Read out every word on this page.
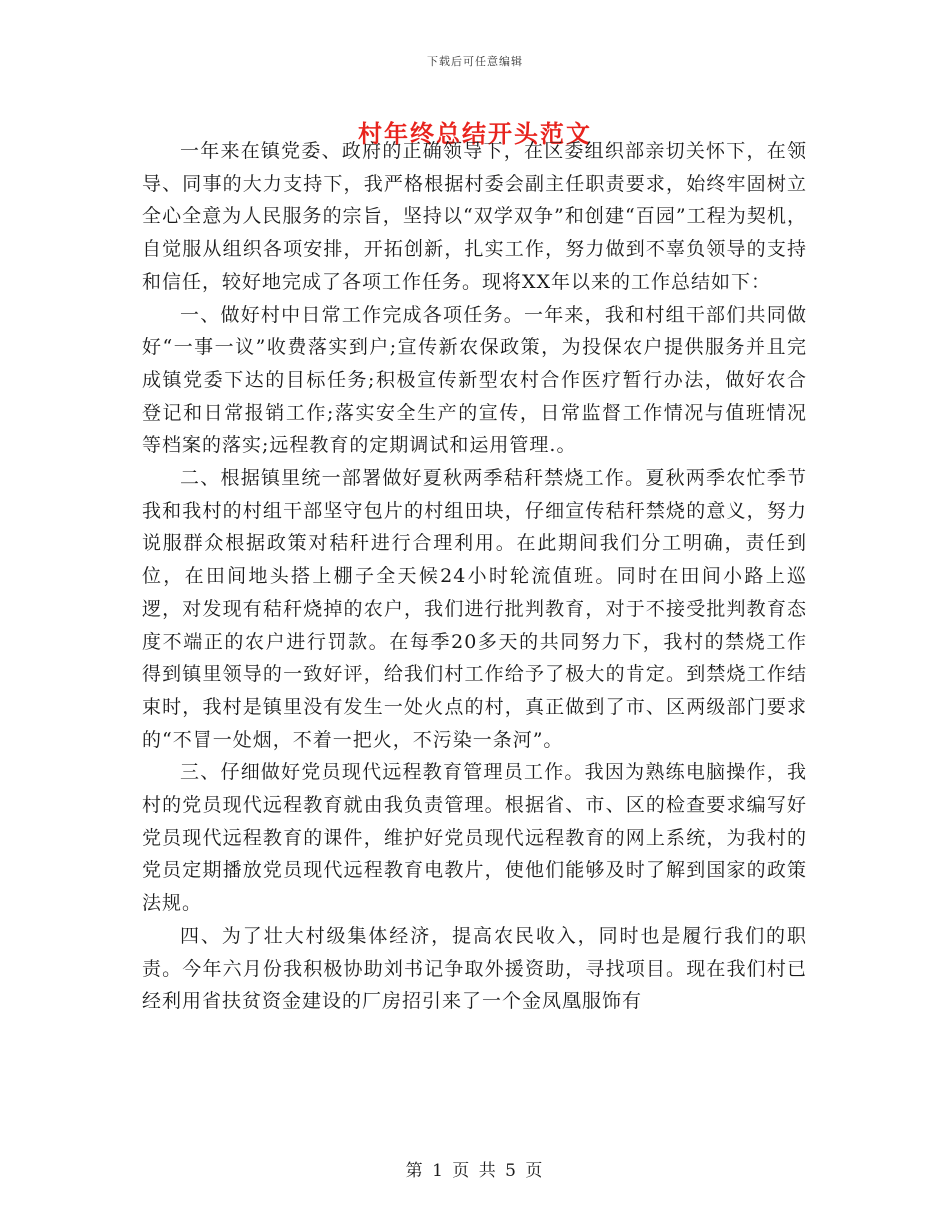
下载后可任意编辑
村年终总结开头范文

一年来在镇党委、政府的正确领导下，在区委组织部亲切关怀下，在领导、同事的大力支持下，我严格根据村委会副主任职责要求，始终牢固树立全心全意为人民服务的宗旨，坚持以“双学双争”和创建“百园”工程为契机，自觉服从组织各项安排，开拓创新，扎实工作，努力做到不辜负领导的支持和信任，较好地完成了各项工作任务。现将XX年以来的工作总结如下：

一、做好村中日常工作完成各项任务。一年来，我和村组干部们共同做好“一事一议”收费落实到户;宣传新农保政策，为投保农户提供服务并且完成镇党委下达的目标任务;积极宣传新型农村合作医疗暂行办法，做好农合登记和日常报销工作;落实安全生产的宣传，日常监督工作情况与值班情况等档案的落实;远程教育的定期调试和运用管理.。

二、根据镇里统一部署做好夏秋两季秸秆禁烧工作。夏秋两季农忙季节我和我村的村组干部坚守包片的村组田块，仔细宣传秸秆禁烧的意义，努力说服群众根据政策对秸秆进行合理利用。在此期间我们分工明确，责任到位，在田间地头搭上棚子全天候24小时轮流值班。同时在田间小路上巡逻，对发现有秸秆烧掉的农户，我们进行批判教育，对于不接受批判教育态度不端正的农户进行罚款。在每季20多天的共同努力下，我村的禁烧工作得到镇里领导的一致好评，给我们村工作给予了极大的肯定。到禁烧工作结束时，我村是镇里没有发生一处火点的村，真正做到了市、区两级部门要求的“不冒一处烟，不着一把火，不污染一条河”。

三、仔细做好党员现代远程教育管理员工作。我因为熟练电脑操作，我村的党员现代远程教育就由我负责管理。根据省、市、区的检查要求编写好党员现代远程教育的课件，维护好党员现代远程教育的网上系统，为我村的党员定期播放党员现代远程教育电教片，使他们能够及时了解到国家的政策法规。

四、为了壮大村级集体经济，提高农民收入，同时也是履行我们的职责。今年六月份我积极协助刘书记争取外援资助，寻找项目。现在我们村已经利用省扶贫资金建设的厂房招引来了一个金凤凰服饰有

第 1 页 共 5 页
